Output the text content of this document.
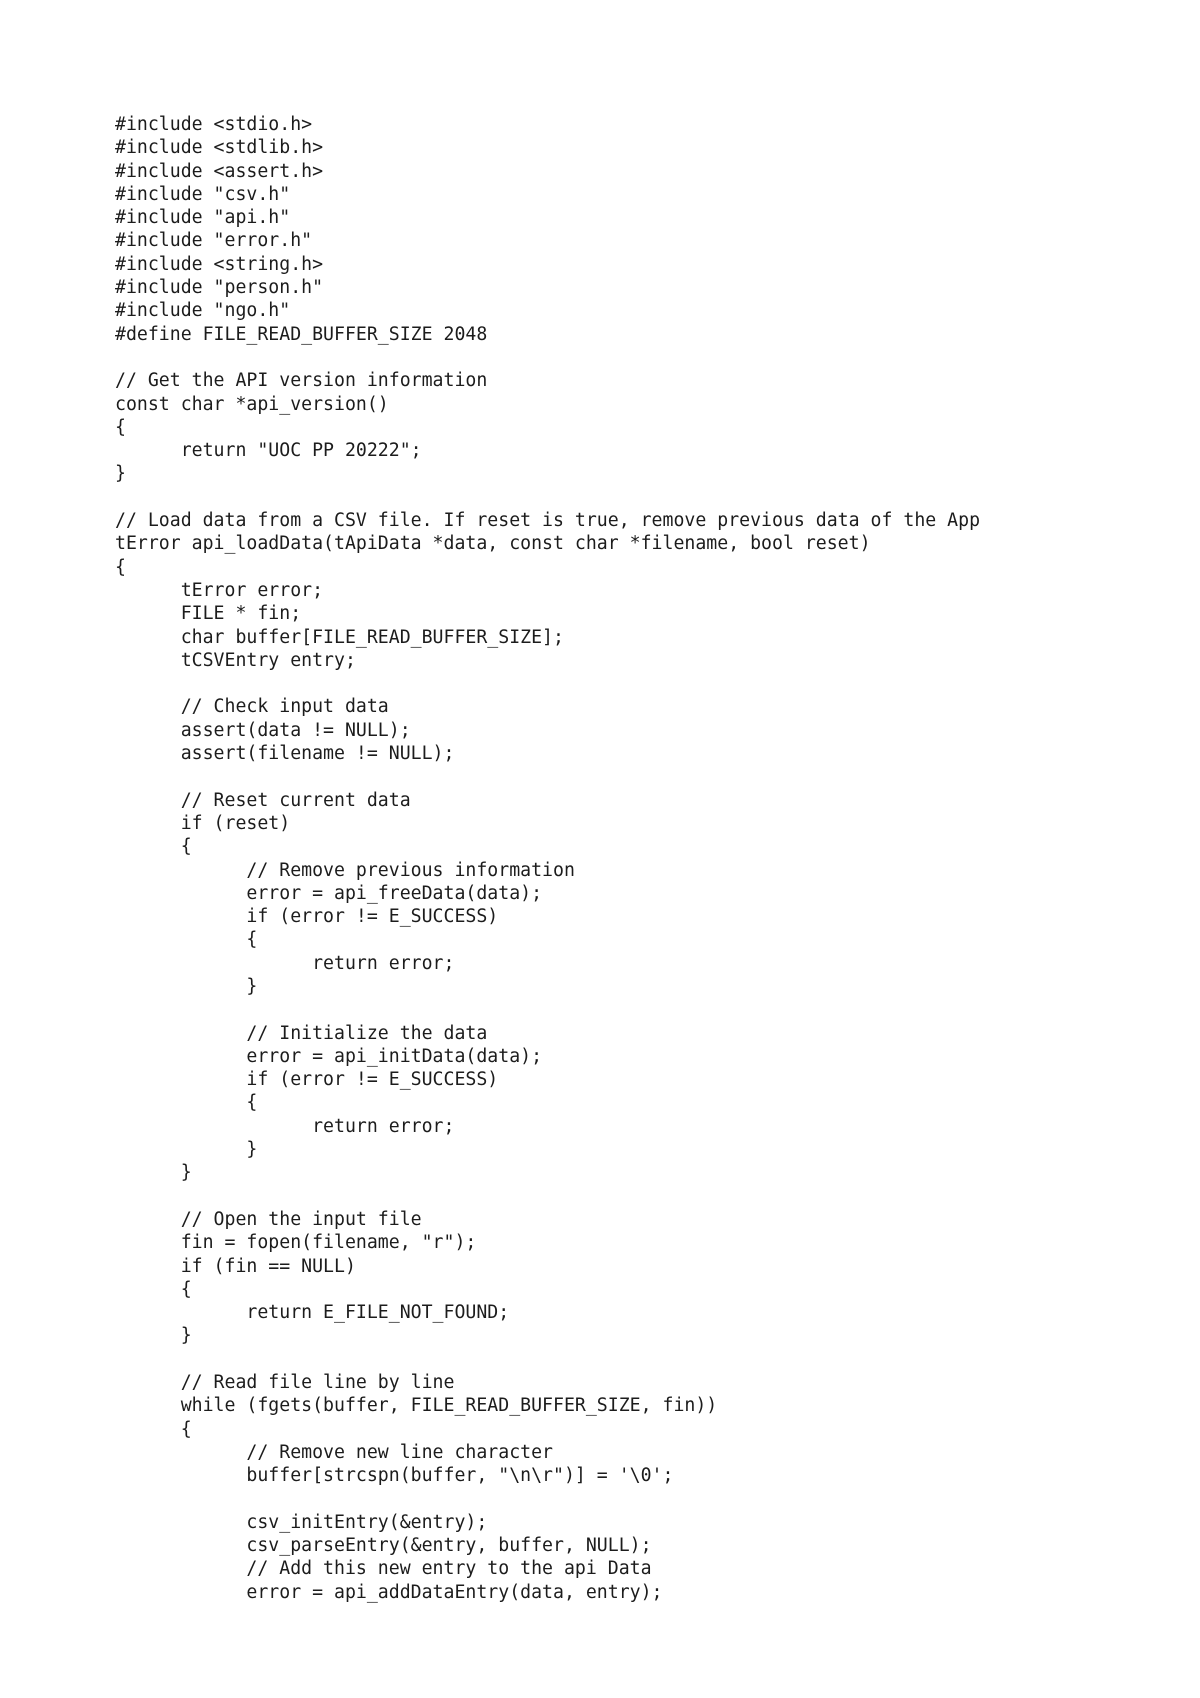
#include <stdio.h>
#include <stdlib.h>
#include <assert.h>
#include "csv.h"
#include "api.h"
#include "error.h"
#include <string.h>
#include "person.h"
#include "ngo.h"
#define FILE_READ_BUFFER_SIZE 2048
// Get the API version information
const char *api_version()
{
	return "UOC PP 20222";
}
// Load data from a CSV file. If reset is true, remove previous data of the App
tError api_loadData(tApiData *data, const char *filename, bool reset)
{
	tError error;
	FILE * fin;
	char buffer[FILE_READ_BUFFER_SIZE];
	tCSVEntry entry;
	// Check input data
	assert(data != NULL);
	assert(filename != NULL);
	// Reset current data
	if (reset)
	{
		// Remove previous information
		error = api_freeData(data);
		if (error != E_SUCCESS)
		{
			return error;
		}
		// Initialize the data
		error = api_initData(data);
		if (error != E_SUCCESS)
		{
			return error;
		}
	}
	// Open the input file
	fin = fopen(filename, "r");
	if (fin == NULL)
	{
		return E_FILE_NOT_FOUND;
	}
	// Read file line by line
	while (fgets(buffer, FILE_READ_BUFFER_SIZE, fin))
	{
		// Remove new line character
		buffer[strcspn(buffer, "\n\r")] = '\0';
		csv_initEntry(&entry);
		csv_parseEntry(&entry, buffer, NULL);
		// Add this new entry to the api Data
		error = api_addDataEntry(data, entry);
